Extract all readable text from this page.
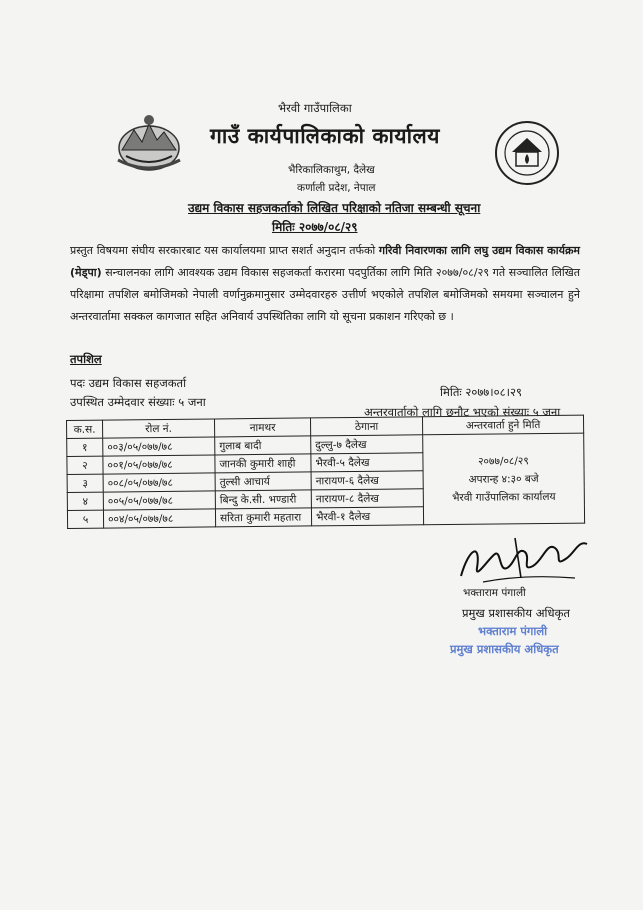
भैरवी गाउँपालिका
गाउँ कार्यपालिकाको कार्यालय
भैरिकालिकाथुम, दैलेख
कर्णाली प्रदेश, नेपाल
उद्यम विकास सहजकर्ताको लिखित परिक्षाको नतिजा सम्बन्धी सूचना
मितिः २०७७/०८/२९
प्रस्तुत विषयमा संघीय सरकारबाट यस कार्यालयमा प्राप्त सशर्त अनुदान तर्फको गरिवी निवारणका लागि लघु उद्यम विकास कार्यक्रम (मेड्पा) सन्चालनका लागि आवश्यक उद्यम विकास सहजकर्ता करारमा पदपुर्तिका लागि मिति २०७७/०८/२९ गते सञ्चालित लिखित परिक्षामा तपशिल बमोजिमको नेपाली वर्णानुक्रमानुसार उम्मेदवारहरु उत्तीर्ण भएकोले तपशिल बमोजिमको समयमा सञ्चालन हुने अन्तरवार्तामा सक्कल कागजात सहित अनिवार्य उपस्थितिका लागि यो सूचना प्रकाशन गरिएको छ ।
तपशिल
पदः उद्यम विकास सहजकर्ता
मितिः २०७७।०८।२९
उपस्थित उम्मेदवार संख्याः ५ जना
अन्तरवार्ताको लागि छनौट भएको संख्याः ५ जना
क.स.	रोल नं.	नामथर	ठेगाना	अन्तरवार्ता हुने मिति
१	००३/०५/०७७/७८	गुलाब बादी	दुल्लु-७ दैलेख	२०७७/०८/२९
अपरान्ह ४:३० बजे
भैरवी गाउँपालिका कार्यालय

२	००१/०५/०७७/७८	जानकी कुमारी शाही	भैरवी-५ दैलेख	
३	००८/०५/०७७/७८	तुल्सी आचार्य	नारायण-६ दैलेख	
४	००५/०५/०७७/७८	बिन्दु के.सी. भण्डारी	नारायण-८ दैलेख	
५	००४/०५/०७७/७८	सरिता कुमारी महतारा	भैरवी-१ दैलेख	
भक्ताराम पंगाली
प्रमुख प्रशासकीय अधिकृत
भक्ताराम पंगाली
प्रमुख प्रशासकीय अधिकृत
